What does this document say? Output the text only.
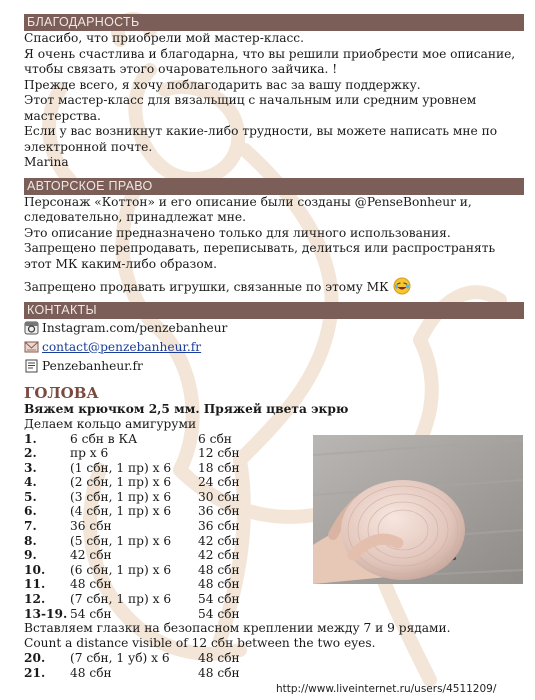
БЛАГОДАРНОСТЬ

Спасибо, что приобрели мой мастер-класс.

Я очень счастлива и благодарна, что вы решили приобрести мое описание,

чтобы связать этого очаровательного зайчика. !

Прежде всего, я хочу поблагодарить вас за вашу поддержку.

Этот мастер-класс для вязальщиц с начальным или средним уровнем

мастерства.

Если у вас возникнут какие-либо трудности, вы можете написать мне по

электронной почте.

Marina

АВТОРСКОЕ ПРАВО

Персонаж «Коттон» и его описание были созданы @PenseBonheur и,

следовательно, принадлежат мне.

Это описание предназначено только для личного использования.

Запрещено перепродавать, переписывать, делиться или распространять

этот МК каким-либо образом.

Запрещено продавать игрушки, связанные по этому МК

КОНТАКТЫ
Instagram.com/penzebanheur
contact@penzebanheur.fr
Penzebanheur.fr
ГОЛОВА

Вяжем крючком 2,5 мм. Пряжей цвета экрю

Делаем кольцо амигуруми

1.	6 сбн в КА	6 сбн
2.	пр х 6	12 сбн
3.	(1 сбн, 1 пр) х 6	18 сбн
4.	(2 сбн, 1 пр) х 6	24 сбн
5.	(3 сбн, 1 пр) х 6	30 сбн
6.	(4 сбн, 1 пр) х 6	36 сбн
7.	36 сбн	36 сбн
8.	(5 сбн, 1 пр) х 6	42 сбн
9.	42 сбн	42 сбн
10.	(6 сбн, 1 пр) х 6	48 сбн
11.	48 сбн	48 сбн
12.	(7 сбн, 1 пр) х 6	54 сбн
13-19. 54 сбн	54 сбн

Вставляем глазки на безопасном креплении между 7 и 9 рядами.

Count a distance visible of 12 сбн between the two eyes.

20.	(7 сбн, 1 уб) х 6	48 сбн
21.	48 сбн	48 сбн
http://www.liveinternet.ru/users/4511209/
